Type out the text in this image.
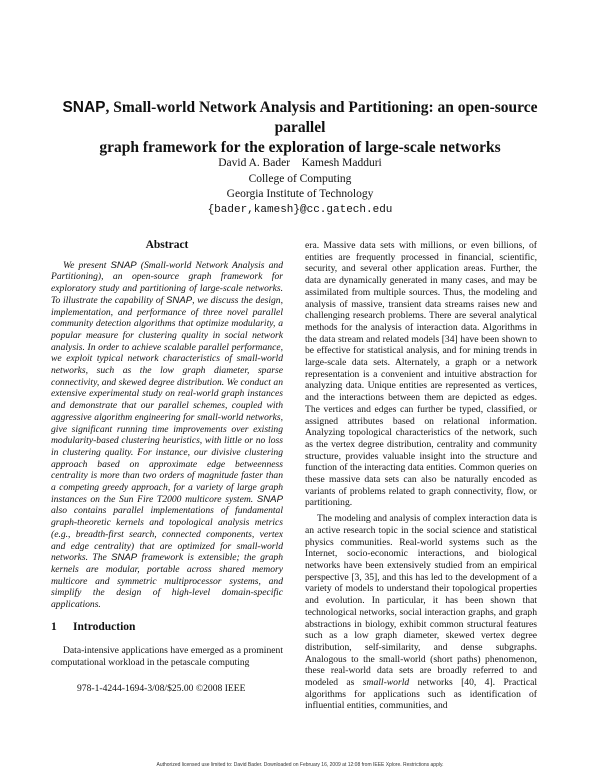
SNAP, Small-world Network Analysis and Partitioning: an open-source parallel
graph framework for the exploration of large-scale networks
David A. Bader    Kamesh Madduri
College of Computing
Georgia Institute of Technology
{bader,kamesh}@cc.gatech.edu
Abstract

We present SNAP (Small-world Network Analysis and Partitioning), an open-source graph framework for exploratory study and partitioning of large-scale networks. To illustrate the capability of SNAP, we discuss the design, implementation, and performance of three novel parallel community detection algorithms that optimize modularity, a popular measure for clustering quality in social network analysis. In order to achieve scalable parallel performance, we exploit typical network characteristics of small-world networks, such as the low graph diameter, sparse connectivity, and skewed degree distribution. We conduct an extensive experimental study on real-world graph instances and demonstrate that our parallel schemes, coupled with aggressive algorithm engineering for small-world networks, give significant running time improvements over existing modularity-based clustering heuristics, with little or no loss in clustering quality. For instance, our divisive clustering approach based on approximate edge betweenness centrality is more than two orders of magnitude faster than a competing greedy approach, for a variety of large graph instances on the Sun Fire T2000 multicore system. SNAP also contains parallel implementations of fundamental graph-theoretic kernels and topological analysis metrics (e.g., breadth-first search, connected components, vertex and edge centrality) that are optimized for small-world networks. The SNAP framework is extensible; the graph kernels are modular, portable across shared memory multicore and symmetric multiprocessor systems, and simplify the design of high-level domain-specific applications.

1 Introduction

Data-intensive applications have emerged as a prominent computational workload in the petascale computing

978-1-4244-1694-3/08/$25.00 ©2008 IEEE

era. Massive data sets with millions, or even billions, of entities are frequently processed in financial, scientific, security, and several other application areas. Further, the data are dynamically generated in many cases, and may be assimilated from multiple sources. Thus, the modeling and analysis of massive, transient data streams raises new and challenging research problems. There are several analytical methods for the analysis of interaction data. Algorithms in the data stream and related models [34] have been shown to be effective for statistical analysis, and for mining trends in large-scale data sets. Alternately, a graph or a network representation is a convenient and intuitive abstraction for analyzing data. Unique entities are represented as vertices, and the interactions between them are depicted as edges. The vertices and edges can further be typed, classified, or assigned attributes based on relational information. Analyzing topological characteristics of the network, such as the vertex degree distribution, centrality and community structure, provides valuable insight into the structure and function of the interacting data entities. Common queries on these massive data sets can also be naturally encoded as variants of problems related to graph connectivity, flow, or partitioning.

The modeling and analysis of complex interaction data is an active research topic in the social science and statistical physics communities. Real-world systems such as the Internet, socio-economic interactions, and biological networks have been extensively studied from an empirical perspective [3, 35], and this has led to the development of a variety of models to understand their topological properties and evolution. In particular, it has been shown that technological networks, social interaction graphs, and graph abstractions in biology, exhibit common structural features such as a low graph diameter, skewed vertex degree distribution, self-similarity, and dense subgraphs. Analogous to the small-world (short paths) phenomenon, these real-world data sets are broadly referred to and modeled as small-world networks [40, 4]. Practical algorithms for applications such as identification of influential entities, communities, and

Authorized licensed use limited to: David Bader. Downloaded on February 16, 2009 at 12:08 from IEEE Xplore. Restrictions apply.
